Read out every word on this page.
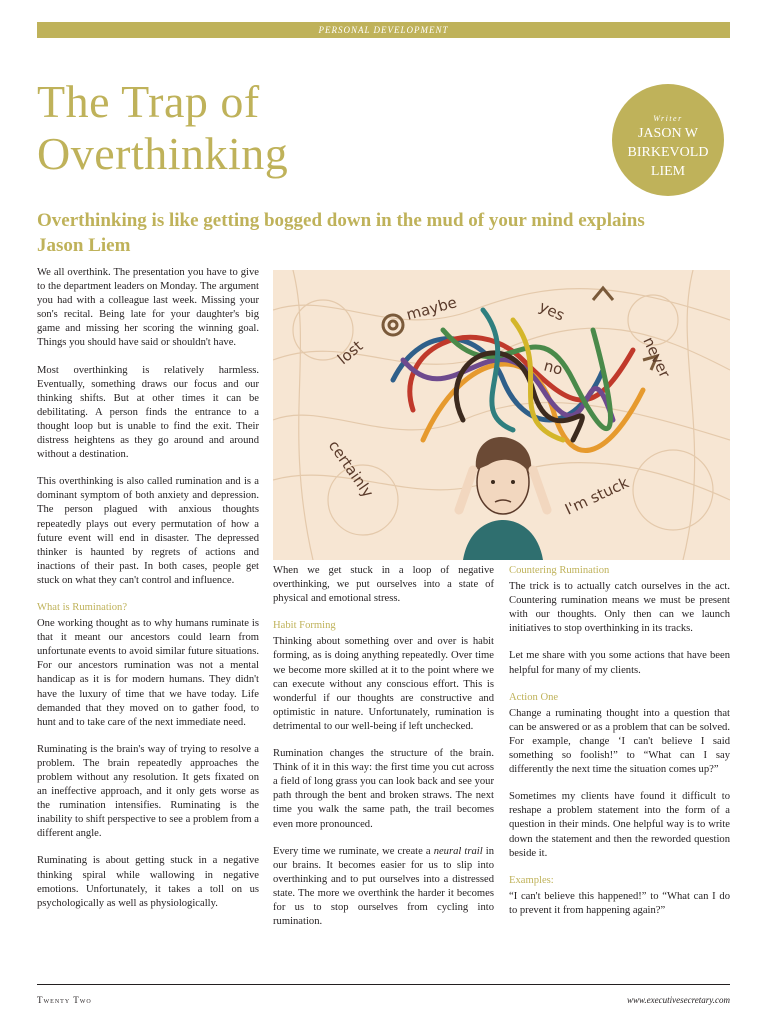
PERSONAL DEVELOPMENT
The Trap of
Overthinking
Writer
JASON W
BIRKEVOLD
LIEM
Overthinking is like getting bogged down in the mud of your mind explains Jason Liem

We all overthink. The presentation you have to give to the department leaders on Monday. The argument you had with a colleague last week. Missing your son's recital. Being late for your daughter's big game and missing her scoring the winning goal. Things you should have said or shouldn't have.

Most overthinking is relatively harmless. Eventually, something draws our focus and our thinking shifts. But at other times it can be debilitating. A person finds the entrance to a thought loop but is unable to find the exit. Their distress heightens as they go around and around without a destination.

This overthinking is also called rumination and is a dominant symptom of both anxiety and depression. The person plagued with anxious thoughts repeatedly plays out every permutation of how a future event will end in disaster. The depressed thinker is haunted by regrets of actions and inactions of their past. In both cases, people get stuck on what they can't control and influence.

What is Rumination?

One working thought as to why humans ruminate is that it meant our ancestors could learn from unfortunate events to avoid similar future situations. For our ancestors rumination was not a mental handicap as it is for modern humans. They didn't have the luxury of time that we have today. Life demanded that they moved on to gather food, to hunt and to take care of the next immediate need.

Ruminating is the brain's way of trying to resolve a problem. The brain repeatedly approaches the problem without any resolution. It gets fixated on an ineffective approach, and it only gets worse as the rumination intensifies. Ruminating is the inability to shift perspective to see a problem from a different angle.

Ruminating is about getting stuck in a negative thinking spiral while wallowing in negative emotions. Unfortunately, it takes a toll on us psychologically as well as physiologically.

lost
maybe	yes
no	never
certainly	I'm stuck

When we get stuck in a loop of negative overthinking, we put ourselves into a state of physical and emotional stress.

Habit Forming

Thinking about something over and over is habit forming, as is doing anything repeatedly. Over time we become more skilled at it to the point where we can execute without any conscious effort. This is wonderful if our thoughts are constructive and optimistic in nature. Unfortunately, rumination is detrimental to our well-being if left unchecked.

Rumination changes the structure of the brain. Think of it in this way: the first time you cut across a field of long grass you can look back and see your path through the bent and broken straws. The next time you walk the same path, the trail becomes even more pronounced.

Every time we ruminate, we create a neural trail in our brains. It becomes easier for us to slip into overthinking and to put ourselves into a distressed state. The more we overthink the harder it becomes for us to stop ourselves from cycling into rumination.

Countering Rumination

The trick is to actually catch ourselves in the act. Countering rumination means we must be present with our thoughts. Only then can we launch initiatives to stop overthinking in its tracks.

Let me share with you some actions that have been helpful for many of my clients.

Action One

Change a ruminating thought into a question that can be answered or as a problem that can be solved. For example, change ‘I can't believe I said something so foolish!” to “What can I say differently the next time the situation comes up?”

Sometimes my clients have found it difficult to reshape a problem statement into the form of a question in their minds. One helpful way is to write down the statement and then the reworded question beside it.

Examples:

“I can't believe this happened!” to “What can I do to prevent it from happening again?”

Twenty Two	www.executivesecretary.com
